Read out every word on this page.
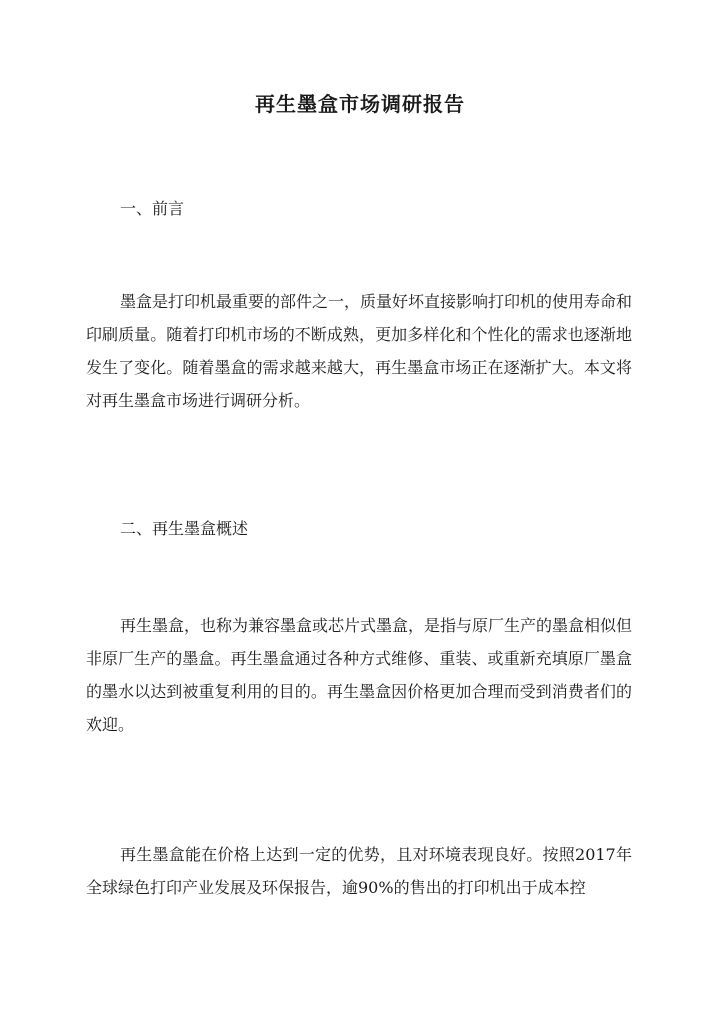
再生墨盒市场调研报告
一、前言

墨盒是打印机最重要的部件之一，质量好坏直接影响打印机的使用寿命和印刷质量。随着打印机市场的不断成熟，更加多样化和个性化的需求也逐渐地发生了变化。随着墨盒的需求越来越大，再生墨盒市场正在逐渐扩大。本文将对再生墨盒市场进行调研分析。

二、再生墨盒概述

再生墨盒，也称为兼容墨盒或芯片式墨盒，是指与原厂生产的墨盒相似但非原厂生产的墨盒。再生墨盒通过各种方式维修、重装、或重新充填原厂墨盒的墨水以达到被重复利用的目的。再生墨盒因价格更加合理而受到消费者们的欢迎。

再生墨盒能在价格上达到一定的优势，且对环境表现良好。按照2017年全球绿色打印产业发展及环保报告，逾90%的售出的打印机出于成本控
